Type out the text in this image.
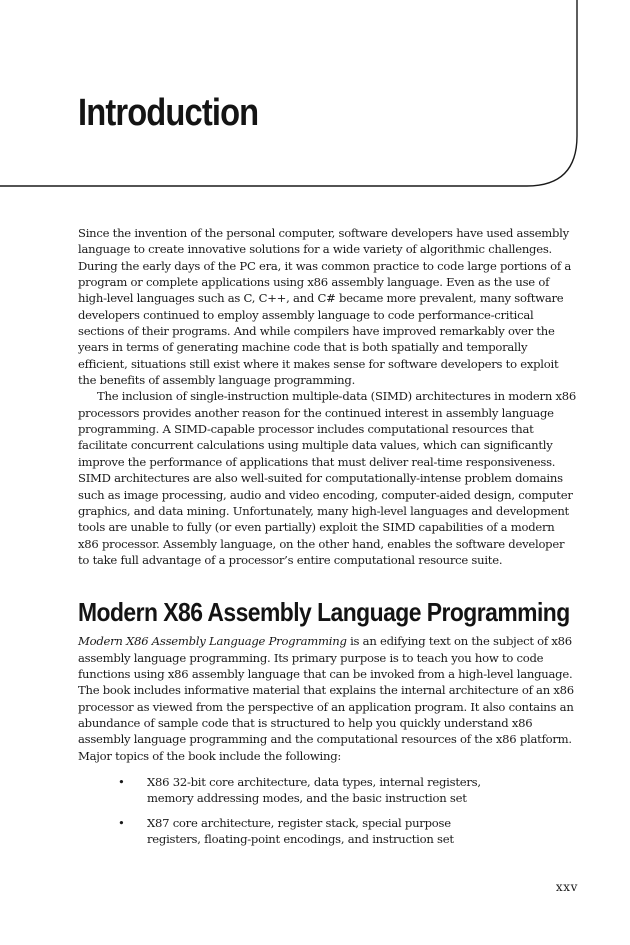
Introduction

Since the invention of the personal computer, software developers have used assembly language to create innovative solutions for a wide variety of algorithmic challenges. During the early days of the PC era, it was common practice to code large portions of a program or complete applications using x86 assembly language. Even as the use of high-level languages such as C, C++, and C# became more prevalent, many software developers continued to employ assembly language to code performance-critical sections of their programs. And while compilers have improved remarkably over the years in terms of generating machine code that is both spatially and temporally efficient, situations still exist where it makes sense for software developers to exploit the benefits of assembly language programming.

The inclusion of single-instruction multiple-data (SIMD) architectures in modern x86 processors provides another reason for the continued interest in assembly language programming. A SIMD-capable processor includes computational resources that facilitate concurrent calculations using multiple data values, which can significantly improve the performance of applications that must deliver real-time responsiveness. SIMD architectures are also well-suited for computationally-intense problem domains such as image processing, audio and video encoding, computer-aided design, computer graphics, and data mining. Unfortunately, many high-level languages and development tools are unable to fully (or even partially) exploit the SIMD capabilities of a modern x86 processor. Assembly language, on the other hand, enables the software developer to take full advantage of a processor’s entire computational resource suite.

Modern X86 Assembly Language Programming

Modern X86 Assembly Language Programming is an edifying text on the subject of x86 assembly language programming. Its primary purpose is to teach you how to code functions using x86 assembly language that can be invoked from a high-level language. The book includes informative material that explains the internal architecture of an x86 processor as viewed from the perspective of an application program. It also contains an abundance of sample code that is structured to help you quickly understand x86 assembly language programming and the computational resources of the x86 platform. Major topics of the book include the following:

• X86 32-bit core architecture, data types, internal registers, memory addressing modes, and the basic instruction set
• X87 core architecture, register stack, special purpose registers, floating-point encodings, and instruction set
xxv
